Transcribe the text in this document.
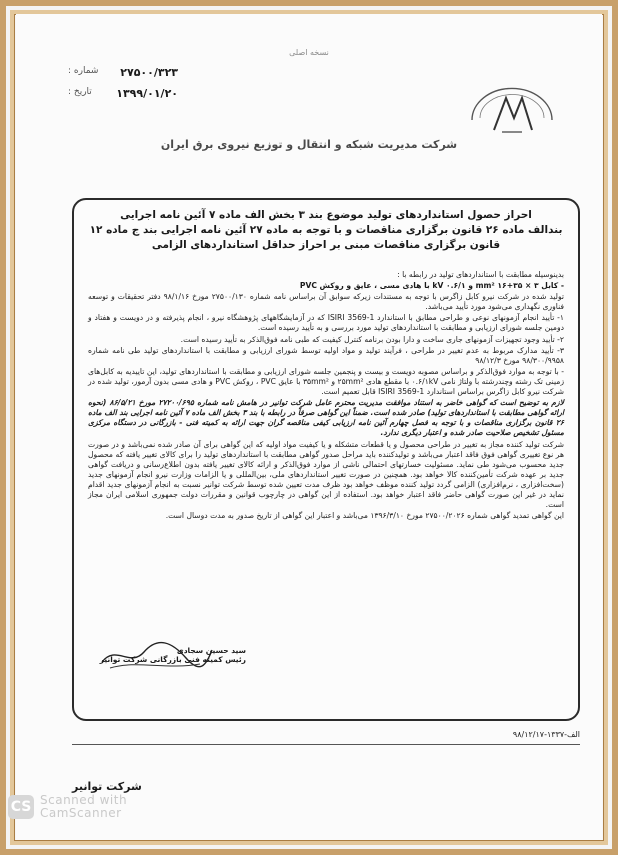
نسخه اصلی
۲۷۵۰۰/۳۲۳
شماره :
۱۳۹۹/۰۱/۲۰
تاریخ :
شرکت مدیریت شبکه و انتقال و توزیع نیروی برق ایران
احراز حصول استانداردهای تولید موضوع بند ۳ بخش الف ماده ۷ آئین نامه اجرایی
بندالف ماده ۲۶ قانون برگزاری مناقصات و با توجه به ماده ۲۷ آئین نامه اجرایی بند ج ماده ۱۲
قانون برگزاری مناقصات مبنی بر احراز حداقل استانداردهای الزامی

بدینوسیله مطابقت با استانداردهای تولید در رابطه با :

- کابل ۳ × ۳۵+۱۶ mm² و ۰.۶/۱ kV با هادی مسی ، عایق و روکش PVC

تولید شده در شرکت نیرو کابل زاگرس با توجه به مستندات زیرکه سوابق آن براساس نامه شماره ۲۷۵۰۰/۱۳۰ مورخ ۹۸/۱/۱۶ دفتر تحقیقات و توسعه فناوری نگهداری می‌شود مورد تأیید می‌باشد.

۱- تأیید انجام آزمونهای نوعی و طراحی مطابق با استاندارد ISIRI 3569-1 که در آزمایشگاههای پژوهشگاه نیرو ، انجام پذیرفته و در دویست و هفتاد و دومین جلسه شورای ارزیابی و مطابقت با استانداردهای تولید مورد بررسی و به تأیید رسیده است.

۲- تأیید وجود تجهیزات آزمونهای جاری ساخت و دارا بودن برنامه کنترل کیفیت که طبی نامه فوق‌الذکر به تأیید رسیده است.

۳- تأیید مدارک مربوط به عدم تغییر در طراحی ، فرآیند تولید و مواد اولیه توسط شورای ارزیابی و مطابقت با استانداردهای تولید طی نامه شماره ۹۸/۳۰۰/۹۹۵۸ مورخ ۹۸/۱۲/۳

- با توجه به موارد فوق‌الذکر و براساس مصوبه دویست و بیست و پنجمین جلسه شورای ارزیابی و مطابقت با استانداردهای تولید، این تاییدیه به کابل‌های زمینی تک رشته وچندرشته با ولتاژ نامی ۰.۶/۱kV با مقطع هادی ۲۵mm² و ۳۵mm² با عایق PVC ، روکش PVC و هادی مسی بدون آرمور، تولید شده در شرکت نیرو کابل زاگرس براساس استاندارد ISIRI 3569-1 قابل تعمیم است.

لازم به توضیح است که گواهی خاضر به استناد موافقت مدیریت محترم عامل شرکت توانیر در هامش نامه شماره ۲۷۲۰۰/۶۹۵ مورخ ۸۶/۵/۲۱ (نحوه ارائه گواهی مطابقت با استانداردهای تولید) صادر شده است. ضمناً این گواهی صرفاً در رابطه با بند ۳ بخش الف ماده ۷ آئین نامه اجرایی بند الف ماده ۲۶ قانون برگزاری مناقصات و با توجه به فصل چهارم آئین نامه ارزیابی کیفی مناقصه گران جهت ارائه به کمیته فنی - بازرگانی در دستگاه مرکزی مسئول تشخیص صلاحیت صادر شده و اعتبار دیگری ندارد.

شرکت تولید کننده مجاز به تغییر در طراحی محصول و یا قطعات متشکله و یا کیفیت مواد اولیه که این گواهی برای آن صادر شده نمی‌باشد و در صورت هر نوع تغییری گواهی فوق فاقد اعتبار می‌باشد و تولیدکننده باید مراحل صدور گواهی مطابقت با استانداردهای تولید را برای کالای تغییر یافته که محصول جدید محسوب می‌شود طی نماید. مسئولیت خسارتهای احتمالی ناشی از موارد فوق‌الذکر و ارائه کالای تغییر یافته بدون اطلاع‌رسانی و دریافت گواهی جدید بر عهده شرکت تأمین‌کننده کالا خواهد بود. همچنین در صورت تغییر استانداردهای ملی، بین‌المللی و یا الزامات وزارت نیرو انجام آزمونهای جدید (سخت‌افزاری ، نرم‌افزاری) الزامی گردد تولید کننده موظف خواهد بود ظرف مدت تعیین شده توسط شرکت توانیر نسبت به انجام آزمونهای جدید اقدام نماید در غیر این صورت گواهی حاضر فاقد اعتبار خواهد بود. استفاده از این گواهی در چارچوب قوانین و مقررات دولت جمهوری اسلامی ایران مجاز است.

این گواهی تمدید گواهی شماره ۲۷۵۰۰/۲۰۲۶ مورخ ۱۳۹۶/۳/۱۰ می‌باشد و اعتبار این گواهی از تاریخ صدور به مدت دوسال است.

سید حسین سجادی
رئیس کمیته فنی بازرگانی شرکت توانیر
الف-۱۳۳۷-۹۸/۱۲/۱۷
شرکت توانیر
CS Scanned with
CamScanner
